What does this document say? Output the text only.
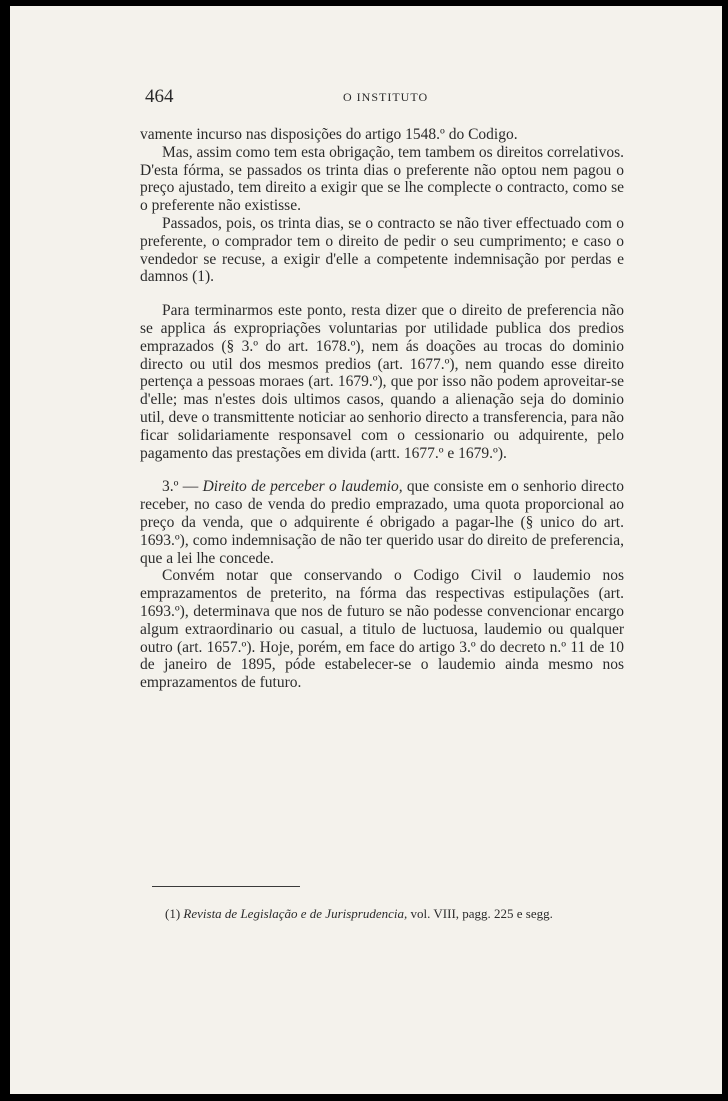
464	O INSTITUTO

vamente incurso nas disposições do artigo 1548.º do Codigo.

Mas, assim como tem esta obrigação, tem tambem os direitos correlativos. D'esta fórma, se passados os trinta dias o preferente não optou nem pagou o preço ajustado, tem direito a exigir que se lhe complecte o contracto, como se o preferente não existisse.

Passados, pois, os trinta dias, se o contracto se não tiver effectuado com o preferente, o comprador tem o direito de pedir o seu cumprimento; e caso o vendedor se recuse, a exigir d'elle a competente indemnisação por perdas e damnos (1).

Para terminarmos este ponto, resta dizer que o direito de preferencia não se applica ás expropriações voluntarias por utilidade publica dos predios emprazados (§ 3.º do art. 1678.º), nem ás doações au trocas do dominio directo ou util dos mesmos predios (art. 1677.º), nem quando esse direito pertença a pessoas moraes (art. 1679.º), que por isso não podem aproveitar-se d'elle; mas n'estes dois ultimos casos, quando a alienação seja do dominio util, deve o transmittente noticiar ao senhorio directo a transferencia, para não ficar solidariamente responsavel com o cessionario ou adquirente, pelo pagamento das prestações em divida (artt. 1677.º e 1679.º).

3.º — Direito de perceber o laudemio, que consiste em o senhorio directo receber, no caso de venda do predio emprazado, uma quota proporcional ao preço da venda, que o adquirente é obrigado a pagar-lhe (§ unico do art. 1693.º), como indemnisação de não ter querido usar do direito de preferencia, que a lei lhe concede.

Convém notar que conservando o Codigo Civil o laudemio nos emprazamentos de preterito, na fórma das respectivas estipulações (art. 1693.º), determinava que nos de futuro se não podesse convencionar encargo algum extraordinario ou casual, a titulo de luctuosa, laudemio ou qualquer outro (art. 1657.º). Hoje, porém, em face do artigo 3.º do decreto n.º 11 de 10 de janeiro de 1895, póde estabelecer-se o laudemio ainda mesmo nos emprazamentos de futuro.

(1) Revista de Legislação e de Jurisprudencia, vol. VIII, pagg. 225 e segg.
